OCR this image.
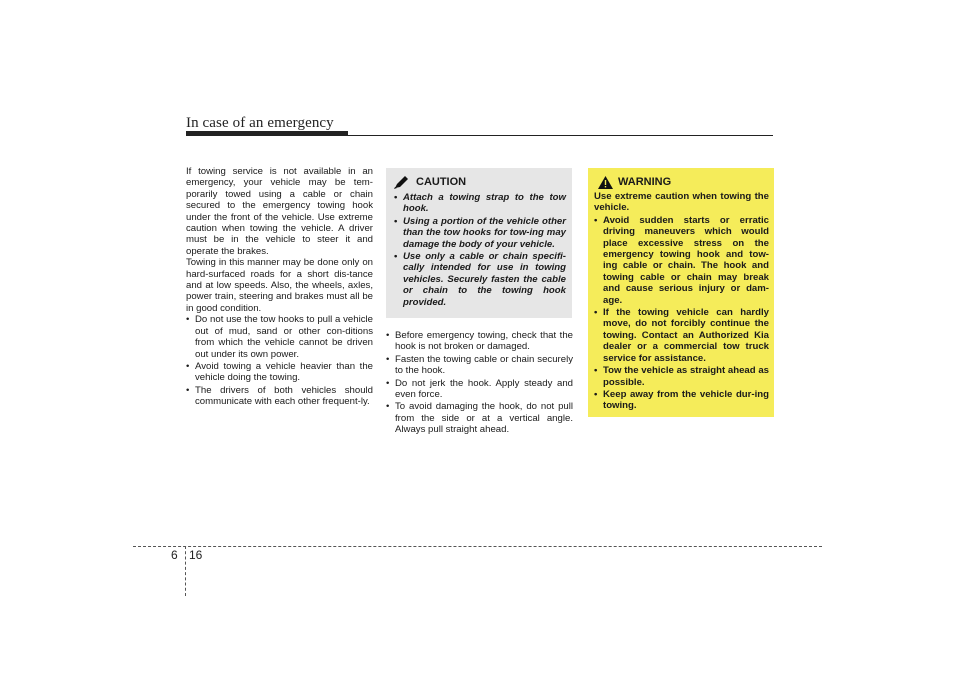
In case of an emergency

If towing service is not available in an emergency, your vehicle may be tem-porarily towed using a cable or chain secured to the emergency towing hook under the front of the vehicle. Use extreme caution when towing the vehicle. A driver must be in the vehicle to steer it and operate the brakes.

Towing in this manner may be done only on hard-surfaced roads for a short dis-tance and at low speeds. Also, the wheels, axles, power train, steering and brakes must all be in good condition.

• Do not use the tow hooks to pull a vehicle out of mud, sand or other con-ditions from which the vehicle cannot be driven out under its own power.
• Avoid towing a vehicle heavier than the vehicle doing the towing.
• The drivers of both vehicles should communicate with each other frequent-ly.
CAUTION
• Attach a towing strap to the tow hook.
• Using a portion of the vehicle other than the tow hooks for tow-ing may damage the body of your vehicle.
• Use only a cable or chain specifi-cally intended for use in towing vehicles. Securely fasten the cable or chain to the towing hook provided.
• Before emergency towing, check that the hook is not broken or damaged.
• Fasten the towing cable or chain securely to the hook.
• Do not jerk the hook. Apply steady and even force.
• To avoid damaging the hook, do not pull from the side or at a vertical angle. Always pull straight ahead.
WARNING

Use extreme caution when towing the vehicle.

• Avoid sudden starts or erratic driving maneuvers which would place excessive stress on the emergency towing hook and tow-ing cable or chain. The hook and towing cable or chain may break and cause serious injury or dam-age.
• If the towing vehicle can hardly move, do not forcibly continue the towing. Contact an Authorized Kia dealer or a commercial tow truck service for assistance.
• Tow the vehicle as straight ahead as possible.
• Keep away from the vehicle dur-ing towing.
6 16
